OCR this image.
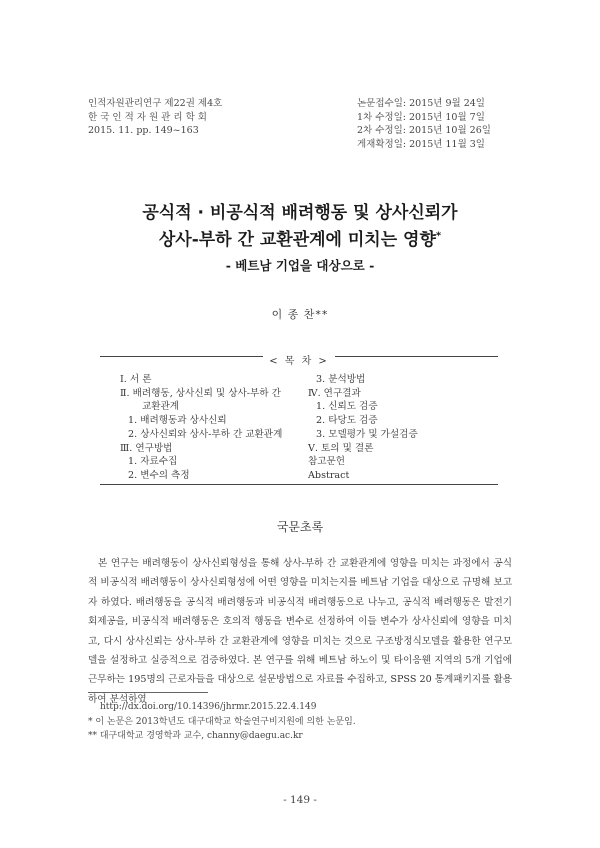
인적자원관리연구 제22권 제4호
한 국 인 적 자 원 관 리 학 회
2015. 11. pp. 149~163
논문접수일: 2015년 9월 24일
1차 수정일: 2015년 10월 7일
2차 수정일: 2015년 10월 26일
게재확정일: 2015년 11월 3일
공식적 · 비공식적 배려행동 및 상사신뢰가
상사-부하 간 교환관계에 미치는 영향*
- 베트남 기업을 대상으로 -
이 종 찬**
< 목 차 >
Ⅰ. 서 론
Ⅱ. 배려행동, 상사신뢰 및 상사-부하 간
교환관계
1. 배려행동과 상사신뢰
2. 상사신뢰와 상사-부하 간 교환관계
Ⅲ. 연구방법
1. 자료수집
2. 변수의 측정
3. 분석방법
Ⅳ. 연구결과
1. 신뢰도 검증
2. 타당도 검증
3. 모델평가 및 가설검증
Ⅴ. 토의 및 결론
참고문헌
Abstract
국문초록
본 연구는 배려행동이 상사신뢰형성을 통해 상사-부하 간 교환관계에 영향을 미치는 과정에서 공식적 비공식적 배려행동이 상사신뢰형성에 어떤 영향을 미치는지를 베트남 기업을 대상으로 규명해 보고자 하였다. 배려행동을 공식적 배려행동과 비공식적 배려행동으로 나누고, 공식적 배려행동은 발전기회제공을, 비공식적 배려행동은 호의적 행동을 변수로 선정하여 이들 변수가 상사신뢰에 영향을 미치고, 다시 상사신뢰는 상사-부하 간 교환관계에 영향을 미치는 것으로 구조방정식모델을 활용한 연구모델을 설정하고 실증적으로 검증하였다. 본 연구를 위해 베트남 하노이 및 타이응웬 지역의 5개 기업에 근무하는 195명의 근로자들을 대상으로 설문방법으로 자료를 수집하고, SPSS 20 통계패키지를 활용하여 분석하였
http://dx.doi.org/10.14396/jhrmr.2015.22.4.149
* 이 논문은 2013학년도 대구대학교 학술연구비지원에 의한 논문임.
** 대구대학교 경영학과 교수, channy@daegu.ac.kr
- 149 -
